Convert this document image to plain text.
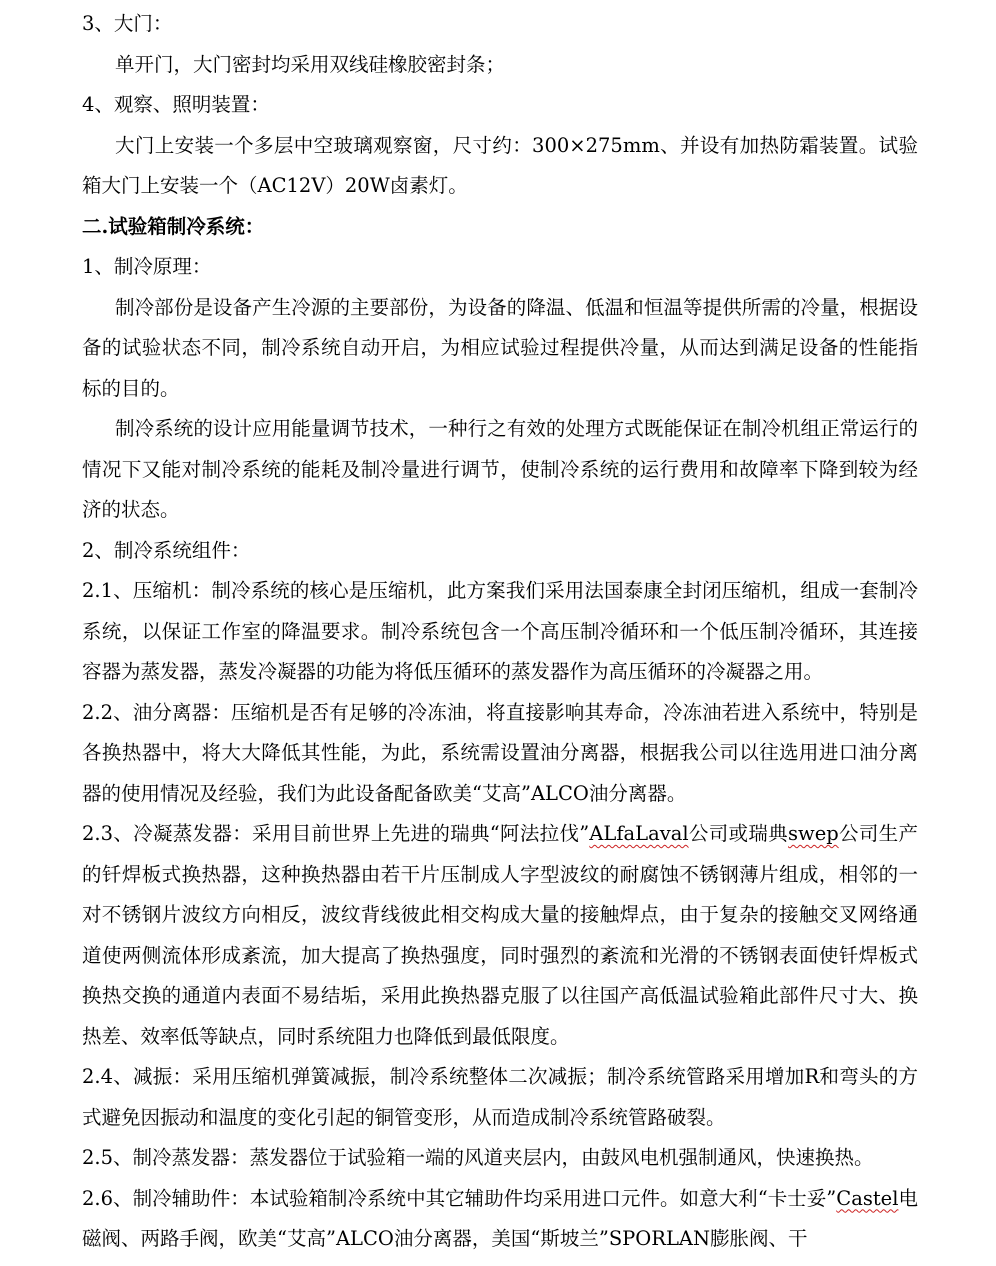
3、大门：

单开门，大门密封均采用双线硅橡胶密封条；

4、观察、照明装置：

大门上安装一个多层中空玻璃观察窗，尺寸约：300×275mm、并设有加热防霜装置。试验箱大门上安装一个（AC12V）20W卤素灯。

二.试验箱制冷系统：

1、制冷原理：

制冷部份是设备产生冷源的主要部份，为设备的降温、低温和恒温等提供所需的冷量，根据设备的试验状态不同，制冷系统自动开启，为相应试验过程提供冷量，从而达到满足设备的性能指标的目的。

制冷系统的设计应用能量调节技术，一种行之有效的处理方式既能保证在制冷机组正常运行的情况下又能对制冷系统的能耗及制冷量进行调节，使制冷系统的运行费用和故障率下降到较为经济的状态。

2、制冷系统组件：

2.1、压缩机：制冷系统的核心是压缩机，此方案我们采用法国泰康全封闭压缩机，组成一套制冷系统，以保证工作室的降温要求。制冷系统包含一个高压制冷循环和一个低压制冷循环，其连接容器为蒸发器，蒸发冷凝器的功能为将低压循环的蒸发器作为高压循环的冷凝器之用。

2.2、油分离器：压缩机是否有足够的冷冻油，将直接影响其寿命，冷冻油若进入系统中，特别是各换热器中，将大大降低其性能，为此，系统需设置油分离器，根据我公司以往选用进口油分离器的使用情况及经验，我们为此设备配备欧美“艾高”ALCO油分离器。

2.3、冷凝蒸发器：采用目前世界上先进的瑞典“阿法拉伐”ALfaLaval公司或瑞典swep公司生产的钎焊板式换热器，这种换热器由若干片压制成人字型波纹的耐腐蚀不锈钢薄片组成，相邻的一对不锈钢片波纹方向相反，波纹背线彼此相交构成大量的接触焊点，由于复杂的接触交叉网络通道使两侧流体形成紊流，加大提高了换热强度，同时强烈的紊流和光滑的不锈钢表面使钎焊板式换热交换的通道内表面不易结垢，采用此换热器克服了以往国产高低温试验箱此部件尺寸大、换热差、效率低等缺点，同时系统阻力也降低到最低限度。

2.4、减振：采用压缩机弹簧减振，制冷系统整体二次减振；制冷系统管路采用增加R和弯头的方式避免因振动和温度的变化引起的铜管变形，从而造成制冷系统管路破裂。

2.5、制冷蒸发器：蒸发器位于试验箱一端的风道夹层内，由鼓风电机强制通风，快速换热。

2.6、制冷辅助件：本试验箱制冷系统中其它辅助件均采用进口元件。如意大利“卡士妥”Castel电磁阀、两路手阀，欧美“艾高”ALCO油分离器，美国“斯坡兰”SPORLAN膨胀阀、干
